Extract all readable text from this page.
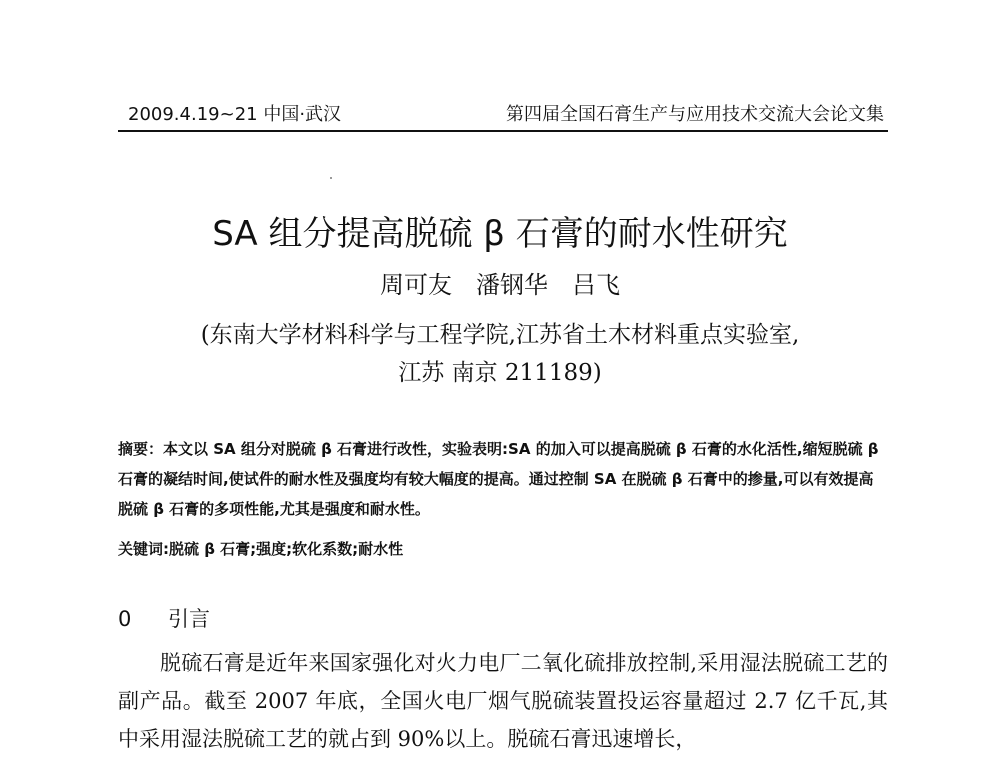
2009.4.19~21 中国·武汉	第四届全国石膏生产与应用技术交流大会论文集
SA 组分提高脱硫 β 石膏的耐水性研究
周可友　潘钢华　吕飞
(东南大学材料科学与工程学院,江苏省土木材料重点实验室,
江苏 南京 211189)
摘要：本文以 SA 组分对脱硫 β 石膏进行改性，实验表明:SA 的加入可以提高脱硫 β 石膏的水化活性,缩短脱硫 β 石膏的凝结时间,使试件的耐水性及强度均有较大幅度的提高。通过控制 SA 在脱硫 β 石膏中的掺量,可以有效提高脱硫 β 石膏的多项性能,尤其是强度和耐水性。
关键词:脱硫 β 石膏;强度;软化系数;耐水性
0 引言

脱硫石膏是近年来国家强化对火力电厂二氧化硫排放控制,采用湿法脱硫工艺的副产品。截至 2007 年底，全国火电厂烟气脱硫装置投运容量超过 2.7 亿千瓦,其中采用湿法脱硫工艺的就占到 90%以上。脱硫石膏迅速增长，
